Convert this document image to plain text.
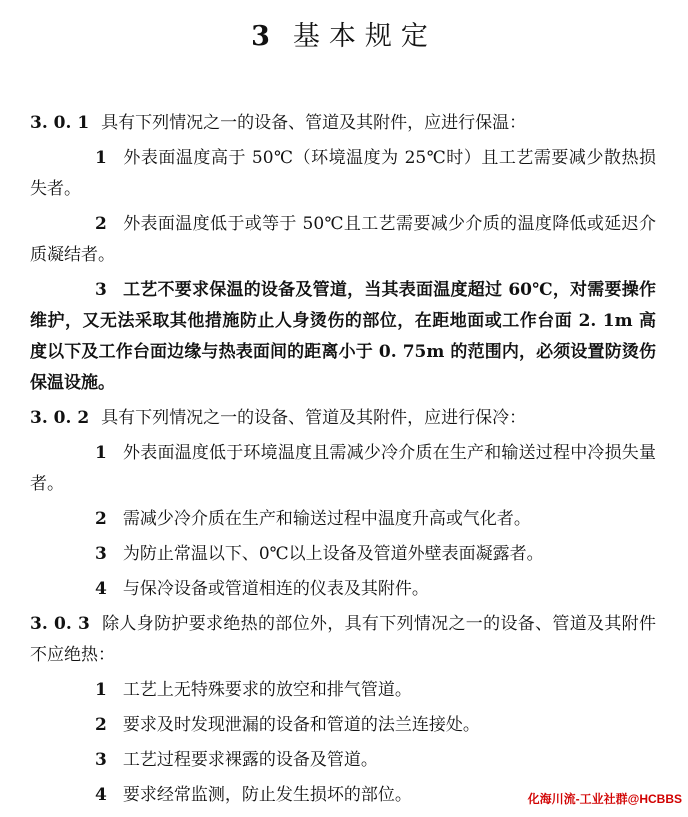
3 基本规定

3. 0. 1 具有下列情况之一的设备、管道及其附件，应进行保温：

1 外表面温度高于 50℃（环境温度为 25℃时）且工艺需要减少散热损失者。

2 外表面温度低于或等于 50℃且工艺需要减少介质的温度降低或延迟介质凝结者。

3 工艺不要求保温的设备及管道，当其表面温度超过 60℃，对需要操作维护，又无法采取其他措施防止人身烫伤的部位，在距地面或工作台面 2. 1m 高度以下及工作台面边缘与热表面间的距离小于 0. 75m 的范围内，必须设置防烫伤保温设施。

3. 0. 2 具有下列情况之一的设备、管道及其附件，应进行保冷：

1 外表面温度低于环境温度且需减少冷介质在生产和输送过程中冷损失量者。

2 需减少冷介质在生产和输送过程中温度升高或气化者。

3 为防止常温以下、0℃以上设备及管道外壁表面凝露者。

4 与保冷设备或管道相连的仪表及其附件。

3. 0. 3 除人身防护要求绝热的部位外，具有下列情况之一的设备、管道及其附件不应绝热：

1 工艺上无特殊要求的放空和排气管道。

2 要求及时发现泄漏的设备和管道的法兰连接处。

3 工艺过程要求裸露的设备及管道。

4 要求经常监测，防止发生损坏的部位。	化海川流-工业社群@HCBBS
